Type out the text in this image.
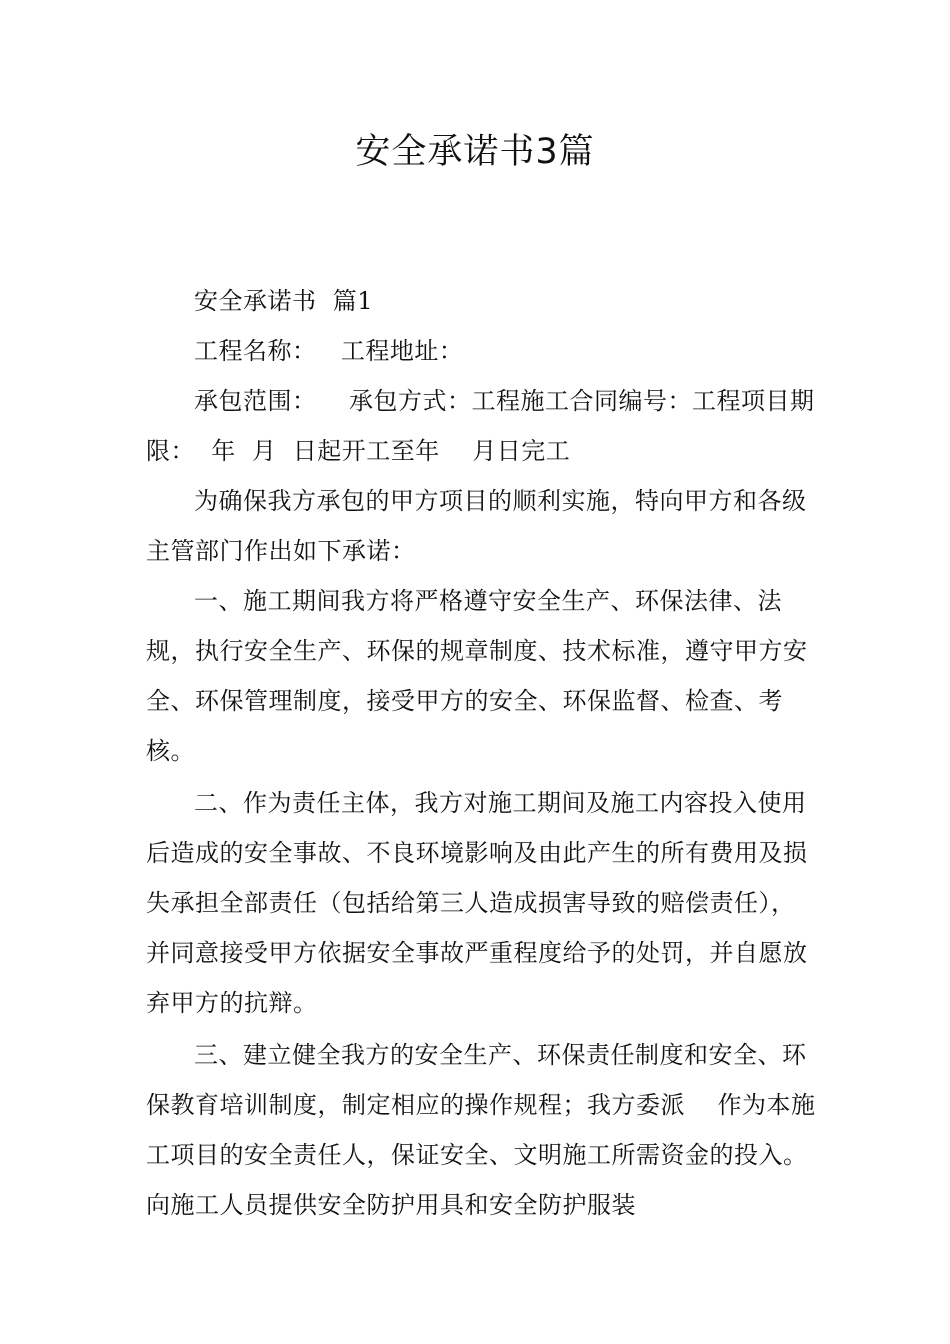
安全承诺书3篇

安全承诺书  篇1

工程名称：   工程地址：

承包范围：    承包方式：工程施工合同编号：工程项目期限：  年  月  日起开工至年    月日完工

为确保我方承包的甲方项目的顺利实施，特向甲方和各级主管部门作出如下承诺：

一、施工期间我方将严格遵守安全生产、环保法律、法规，执行安全生产、环保的规章制度、技术标准，遵守甲方安全、环保管理制度，接受甲方的安全、环保监督、检查、考核。

二、作为责任主体，我方对施工期间及施工内容投入使用后造成的安全事故、不良环境影响及由此产生的所有费用及损失承担全部责任（包括给第三人造成损害导致的赔偿责任），并同意接受甲方依据安全事故严重程度给予的处罚，并自愿放弃甲方的抗辩。

三、建立健全我方的安全生产、环保责任制度和安全、环保教育培训制度，制定相应的操作规程；我方委派    作为本施工项目的安全责任人，保证安全、文明施工所需资金的投入。向施工人员提供安全防护用具和安全防护服装
